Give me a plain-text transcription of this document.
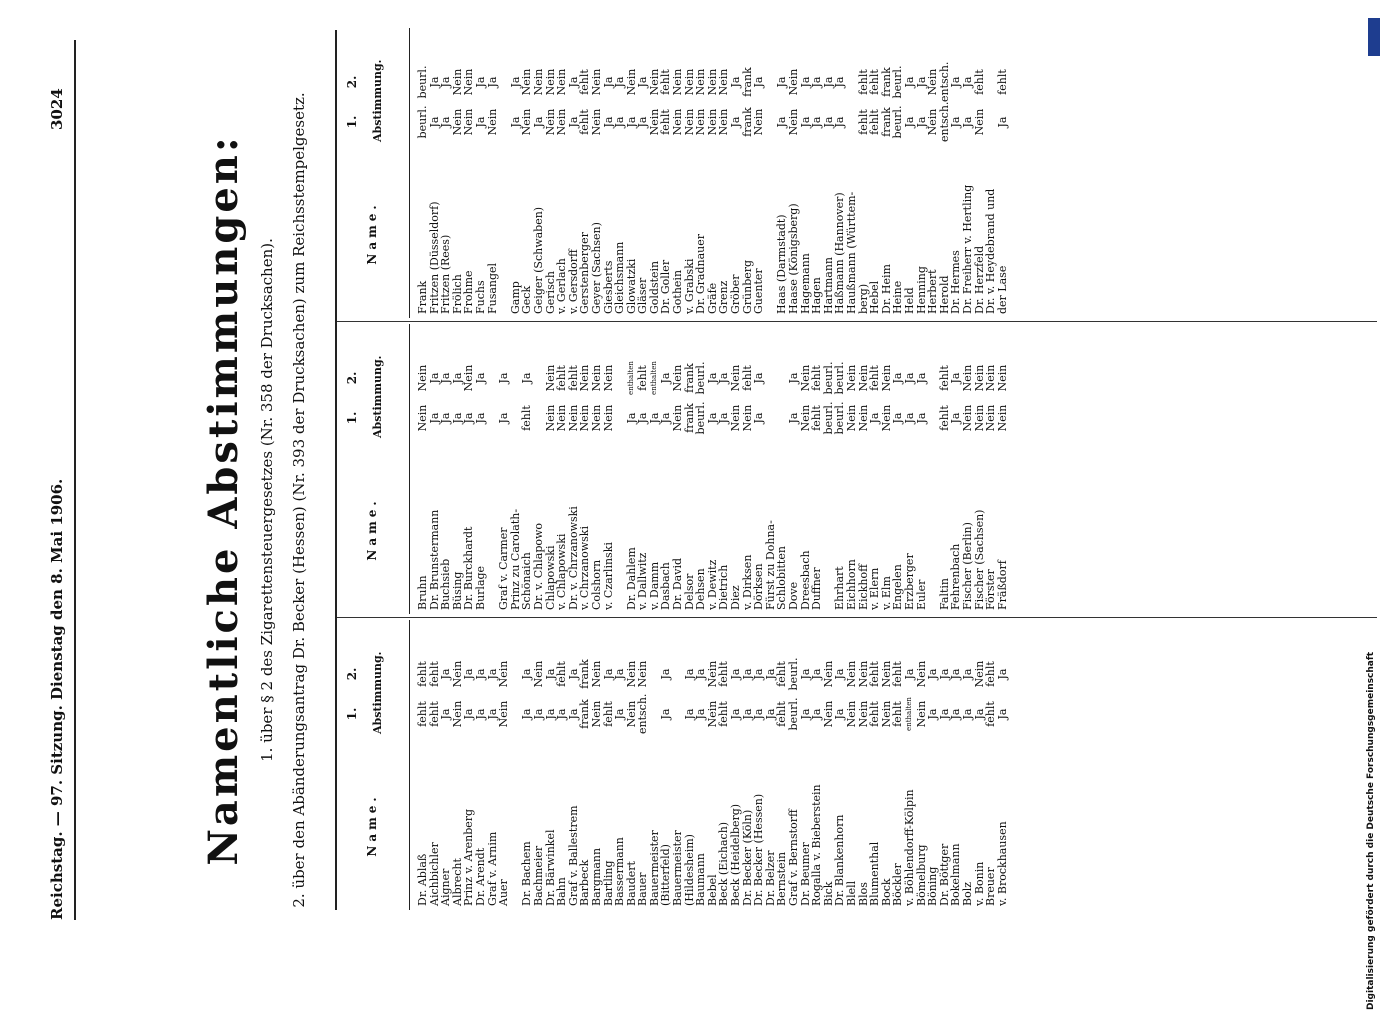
Reichstag. — 97. Sitzung. Dienstag den 8. Mai 1906.
3024
Namentliche Abstimmungen: 1. über § 2 des Zigarettensteuergesetzes (Nr. 358 der Drucksachen). 2. über den Abänderungsantrag Dr. Becker (Hessen) (Nr. 393 der Drucksachen) zum Reichsstempelgesetz.	Name.
1.
2. Abstimmung.
Dr. Ablaß
fehlt
fehlt
Aichbichler
fehlt
fehlt
Aigner
Ja
Ja
Albrecht
Nein
Nein
Prinz v. Arenberg
Ja
Ja
Dr. Arendt
Ja
Ja
Graf v. Arnim
Ja
Ja
Auer
Nein
Nein
Dr. Bachem
Ja
Ja
Bachmeier
Ja
Nein
Dr. Bärwinkel
Ja
Ja
Bahn
Ja
fehlt
Graf v. Ballestrem
Ja
Ja
Barbeck
frank
frank
Bargmann
Nein
Nein
Bartling
fehlt
Ja
Bassermann
Ja
Ja
Baudert
Nein
Nein
Bauer
entsch.
Nein
Bauermeister
(Bitterfeld)
Ja
Ja
Bauermeister
(Hildesheim)
Ja
Ja
Baumann
Ja
Ja
Bebel
Nein
Nein
Beck (Eichach)
fehlt
fehlt
Beck (Heidelberg)
Ja
Ja
Dr. Becker (Köln)
Ja
Ja
Dr. Becker (Hessen)
Ja
Ja
Dr. Belzer
Ja
Ja
Bernstein
fehlt
fehlt
Graf v. Bernstorff
beurl.
beurl.
Dr. Beumer
Ja
Ja
Rogalla v. Bieberstein
Ja
Ja
Bick
Nein
Nein
Dr. Blankenhorn
Ja
Ja
Blell
Nein
Nein
Blos
Nein
Nein
Blumenthal
fehlt
fehlt
Bock
Nein
Nein
Böckler
fehlt
fehlt
v. Böhlendorff-Kölpin
enthalten
Ja
Bömelburg
Nein
Nein
Böning
Ja
Ja
Dr. Böttger
Ja
Ja
Bokelmann
Ja
Ja
Bolz
Ja
Ja
v. Bonin
Ja
Nein
Breuer
fehlt
fehlt
v. Brockhausen
Ja
Ja
Name.
1.
2. Abstimmung.
Bruhn
Nein
Nein
Dr. Brunstermann
Ja
Ja
Buchsieb
Ja
Ja
Büsing
Ja
Ja
Dr. Burckhardt
Ja
Nein
Burlage
Ja
Ja
Graf v. Carmer
Ja
Ja
Prinz zu Carolath-
Schönaich
fehlt
Ja
Dr. v. Chlapowo
Chlapowski
Nein
Nein
v. Chlapowski
Nein
fehlt
Dr. v. Chrzanowski
Nein
fehlt
v. Chrzanowski
Nein
Nein
Colshorn
Nein
Nein
v. Czarlinski
Nein
Nein
Dr. Dahlem
Ja
enthalten
v. Dallwitz
Ja
fehlt
v. Damm
Ja
enthalten
Dasbach
Ja
Ja
Dr. David
Nein
Nein
Delsor
frank
frank
Dehsen
beurl.
beurl.
v. Dewitz
Ja
Ja
Dietrich
Ja
Ja
Diez
Nein
Nein
v. Dirksen
Nein
fehlt
Dörksen
Ja
Ja
Fürst zu Dohna-
Schlobitten
Dove
Ja
Ja
Dreesbach
Nein
Nein
Duffner
fehlt
fehlt
beurl.
beurl.
Ehrhart
beurl.
beurl.
Eichhorn
Nein
Nein
Eickhoff
Nein
Nein
v. Elern
Ja
fehlt
v. Elm
Nein
Nein
Engelen
Ja
Ja
Erzberger
Ja
Ja
Euler
Ja
Ja
Faltin
fehlt
fehlt
Fehrenbach
Ja
Ja
Fischer (Berlin)
Nein
Nein
Fischer (Sachsen)
Nein
Nein
Förster
Nein
Nein
Fräßdorf
Nein
Nein
Name.
1.
2. Abstimmung.
Frank
beurl.
beurl.
Fritzen (Düsseldorf)
Ja
Ja
Fritzen (Rees)
Ja
Ja
Frölich
Nein
Nein
Frohme
Nein
Nein
Fuchs
Ja
Ja
Fusangel
Nein
Ja
Gamp
Ja
Ja
Geck
Nein
Nein
Geiger (Schwaben)
Ja
Nein
Gerisch
Nein
Nein
v. Gerlach
Nein
Nein
v. Gersdorff
Ja
Ja
Gerstenberger
fehlt
fehlt
Geyer (Sachsen)
Nein
Nein
Giesberts
Ja
Ja
Gleichsmann
Ja
Ja
Glowatzki
Ja
Nein
Gläser
Ja
Ja
Goldstein
Nein
Nein
Dr. Goller
fehlt
fehlt
Gothein
Nein
Nein
v. Grabski
Nein
Nein
Dr. Gradnauer
Nein
Nein
Gräfe
Nein
Nein
Grenz
Nein
Nein
Gröber
Ja
Ja
Grünberg
frank
frank
Guenter
Nein
Ja
Haas (Darmstadt)
Ja
Ja
Haase (Königsberg)
Nein
Nein
Hagemann
Ja
Ja
Hagen
Ja
Ja
Hartmann
Ja
Ja
Haßmann (Hannover)
Ja
Ja
Haußmann (Württem-
berg)
fehlt
fehlt
Hebel
fehlt
fehlt
Dr. Heim
frank
frank
Heine
beurl.
beurl.
Held
Ja
Ja
Henning
Ja
Ja
Herbert
Nein
Nein
Herold
entsch.
entsch.
Dr. Hermes
Ja
Ja
Dr. Freiherr v. Hertling
Ja
Ja
Dr. Herzfeld
Nein
fehlt
Dr. v. Heydebrand und
der Lase
Ja
fehlt
Digitalisierung gefördert durch die Deutsche Forschungsgemeinschaft
